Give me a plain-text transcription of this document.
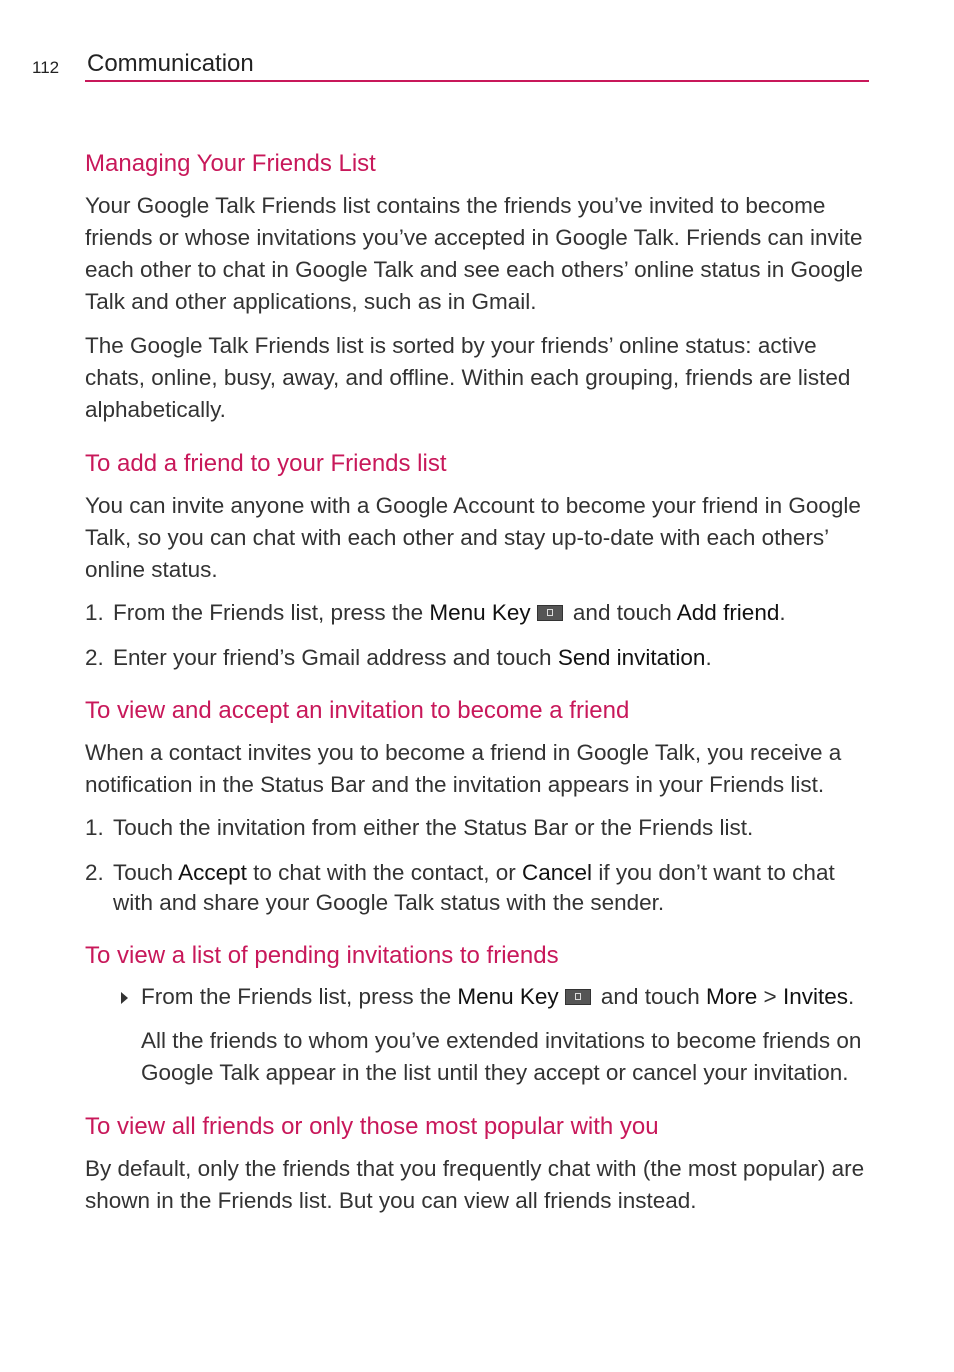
112 Communication
Managing Your Friends List

Your Google Talk Friends list contains the friends you’ve invited to become friends or whose invitations you’ve accepted in Google Talk. Friends can invite each other to chat in Google Talk and see each others’ online status in Google Talk and other applications, such as in Gmail.

The Google Talk Friends list is sorted by your friends’ online status: active chats, online, busy, away, and offline. Within each grouping, friends are listed alphabetically.

To add a friend to your Friends list

You can invite anyone with a Google Account to become your friend in Google Talk, so you can chat with each other and stay up-to-date with each others’ online status.

1. From the Friends list, press the Menu Key and touch Add friend.
2. Enter your friend’s Gmail address and touch Send invitation.
To view and accept an invitation to become a friend

When a contact invites you to become a friend in Google Talk, you receive a notification in the Status Bar and the invitation appears in your Friends list.

1. Touch the invitation from either the Status Bar or the Friends list.
2. Touch Accept to chat with the contact, or Cancel if you don’t want to chat with and share your Google Talk status with the sender.
To view a list of pending invitations to friends
From the Friends list, press the Menu Key and touch More > Invites.

All the friends to whom you’ve extended invitations to become friends on Google Talk appear in the list until they accept or cancel your invitation.

To view all friends or only those most popular with you

By default, only the friends that you frequently chat with (the most popular) are shown in the Friends list. But you can view all friends instead.
